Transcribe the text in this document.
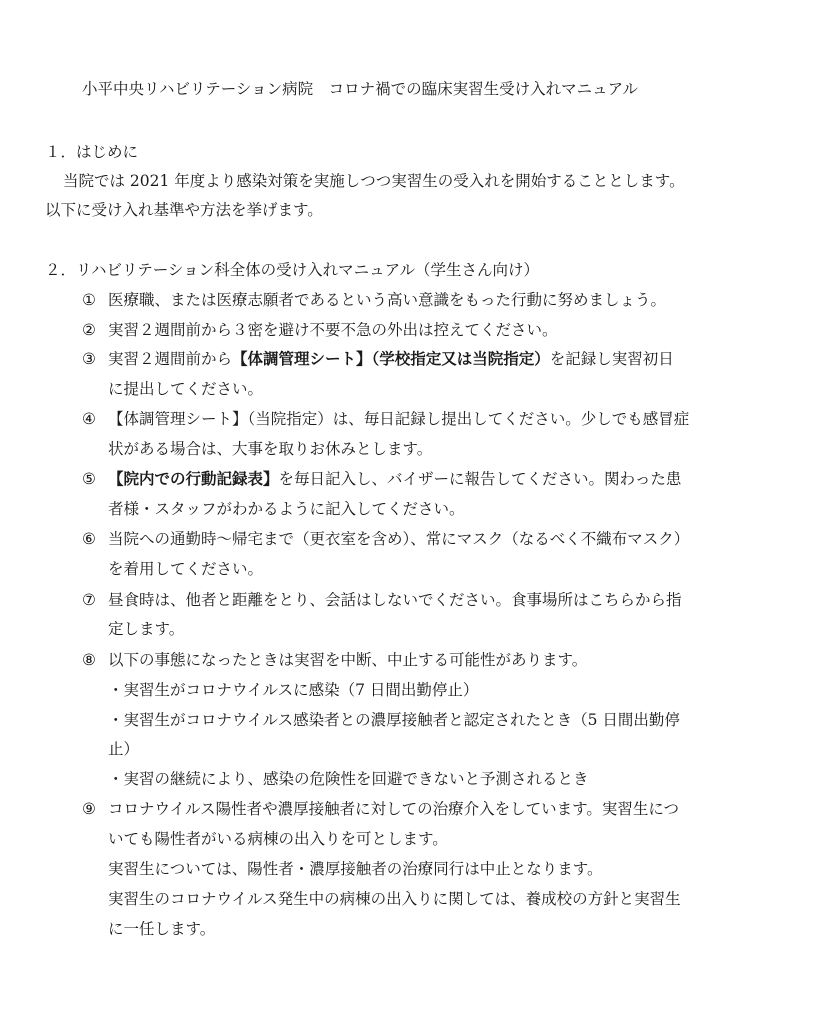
小平中央リハビリテーション病院　コロナ禍での臨床実習生受け入れマニュアル
１．はじめに
当院では 2021 年度より感染対策を実施しつつ実習生の受入れを開始することとします。
以下に受け入れ基準や方法を挙げます。
２．リハビリテーション科全体の受け入れマニュアル（学生さん向け）
① 医療職、または医療志願者であるという高い意識をもった行動に努めましょう。
② 実習２週間前から３密を避け不要不急の外出は控えてください。
③ 実習２週間前から【体調管理シート】（学校指定又は当院指定）を記録し実習初日
に提出してください。
④ 【体調管理シート】（当院指定）は、毎日記録し提出してください。少しでも感冒症
状がある場合は、大事を取りお休みとします。
⑤ 【院内での行動記録表】を毎日記入し、バイザーに報告してください。関わった患
者様・スタッフがわかるように記入してください。
⑥ 当院への通勤時～帰宅まで（更衣室を含め）、常にマスク（なるべく不織布マスク）
を着用してください。
⑦ 昼食時は、他者と距離をとり、会話はしないでください。食事場所はこちらから指
定します。
⑧ 以下の事態になったときは実習を中断、中止する可能性があります。
・実習生がコロナウイルスに感染（7 日間出勤停止）
・実習生がコロナウイルス感染者との濃厚接触者と認定されたとき（5 日間出勤停
止）
・実習の継続により、感染の危険性を回避できないと予測されるとき
⑨ コロナウイルス陽性者や濃厚接触者に対しての治療介入をしています。実習生につ
いても陽性者がいる病棟の出入りを可とします。
実習生については、陽性者・濃厚接触者の治療同行は中止となります。
実習生のコロナウイルス発生中の病棟の出入りに関しては、養成校の方針と実習生
に一任します。
